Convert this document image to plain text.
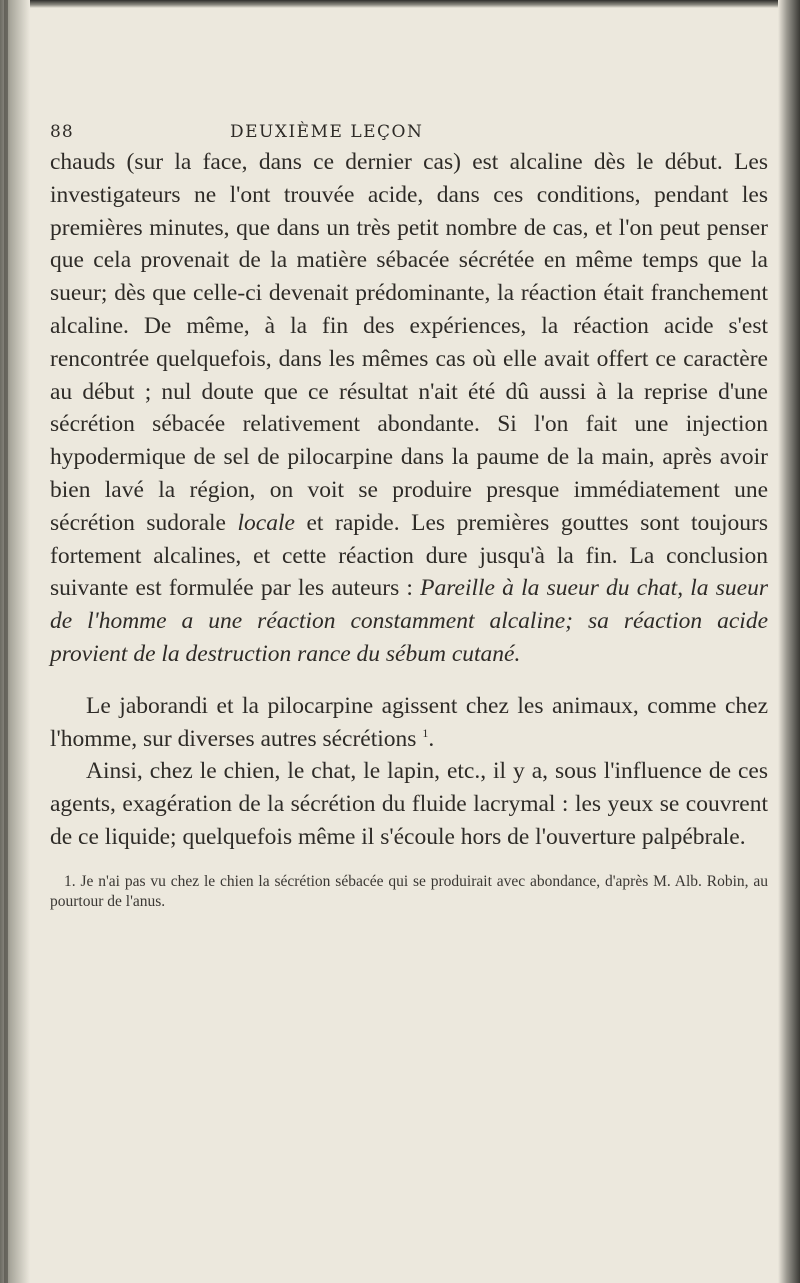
88	DEUXIÈME LEÇON

chauds (sur la face, dans ce dernier cas) est alcaline dès le début. Les investigateurs ne l'ont trouvée acide, dans ces conditions, pendant les premières minutes, que dans un très petit nombre de cas, et l'on peut penser que cela provenait de la matière sébacée sécrétée en même temps que la sueur; dès que celle-ci devenait prédominante, la réaction était franchement alcaline. De même, à la fin des expériences, la réaction acide s'est rencontrée quelquefois, dans les mêmes cas où elle avait offert ce caractère au début ; nul doute que ce résultat n'ait été dû aussi à la reprise d'une sécrétion sébacée relativement abondante. Si l'on fait une injection hypodermique de sel de pilocarpine dans la paume de la main, après avoir bien lavé la région, on voit se produire presque immédiatement une sécrétion sudorale locale et rapide. Les premières gouttes sont toujours fortement alcalines, et cette réaction dure jusqu'à la fin. La conclusion suivante est formulée par les auteurs : Pareille à la sueur du chat, la sueur de l'homme a une réaction constamment alcaline; sa réaction acide provient de la destruction rance du sébum cutané.

Le jaborandi et la pilocarpine agissent chez les animaux, comme chez l'homme, sur diverses autres sécrétions $^1$.

Ainsi, chez le chien, le chat, le lapin, etc., il y a, sous l'influence de ces agents, exagération de la sécrétion du fluide lacrymal : les yeux se couvrent de ce liquide; quelquefois même il s'écoule hors de l'ouverture palpébrale.

1. Je n'ai pas vu chez le chien la sécrétion sébacée qui se produirait avec abondance, d'après M. Alb. Robin, au pourtour de l'anus.
